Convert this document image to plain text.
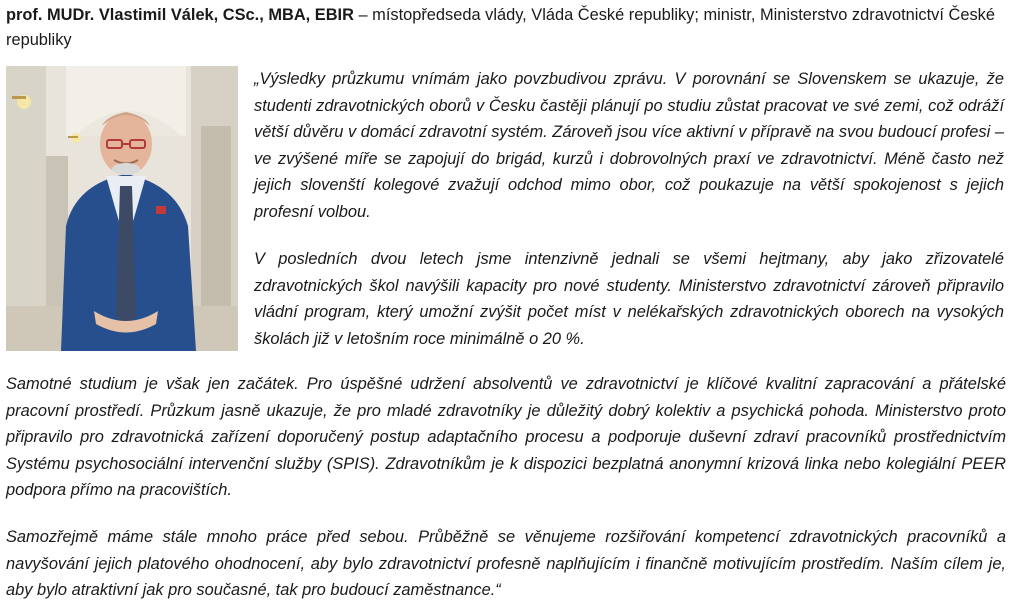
prof. MUDr. Vlastimil Válek, CSc., MBA, EBIR – místopředseda vlády, Vláda České republiky; ministr, Ministerstvo zdravotnictví České republiky

„Výsledky průzkumu vnímám jako povzbudivou zprávu. V porovnání se Slovenskem se ukazuje, že studenti zdravotnických oborů v Česku častěji plánují po studiu zůstat pracovat ve své zemi, což odráží větší důvěru v domácí zdravotní systém. Zároveň jsou více aktivní v přípravě na svou budoucí profesi – ve zvýšené míře se zapojují do brigád, kurzů i dobrovolných praxí ve zdravotnictví. Méně často než jejich slovenští kolegové zvažují odchod mimo obor, což poukazuje na větší spokojenost s jejich profesní volbou.

V posledních dvou letech jsme intenzivně jednali se všemi hejtmany, aby jako zřizovatelé zdravotnických škol navýšili kapacity pro nové studenty. Ministerstvo zdravotnictví zároveň připravilo vládní program, který umožní zvýšit počet míst v nelékařských zdravotnických oborech na vysokých školách již v letošním roce minimálně o 20 %.

Samotné studium je však jen začátek. Pro úspěšné udržení absolventů ve zdravotnictví je klíčové kvalitní zapracování a přátelské pracovní prostředí. Průzkum jasně ukazuje, že pro mladé zdravotníky je důležitý dobrý kolektiv a psychická pohoda. Ministerstvo proto připravilo pro zdravotnická zařízení doporučený postup adaptačního procesu a podporuje duševní zdraví pracovníků prostřednictvím Systému psychosociální intervenční služby (SPIS). Zdravotníkům je k dispozici bezplatná anonymní krizová linka nebo kolegiální PEER podpora přímo na pracovištích.

Samozřejmě máme stále mnoho práce před sebou. Průběžně se věnujeme rozšiřování kompetencí zdravotnických pracovníků a navyšování jejich platového ohodnocení, aby bylo zdravotnictví profesně naplňujícím i finančně motivujícím prostředím. Naším cílem je, aby bylo atraktivní jak pro současné, tak pro budoucí zaměstnance.“
